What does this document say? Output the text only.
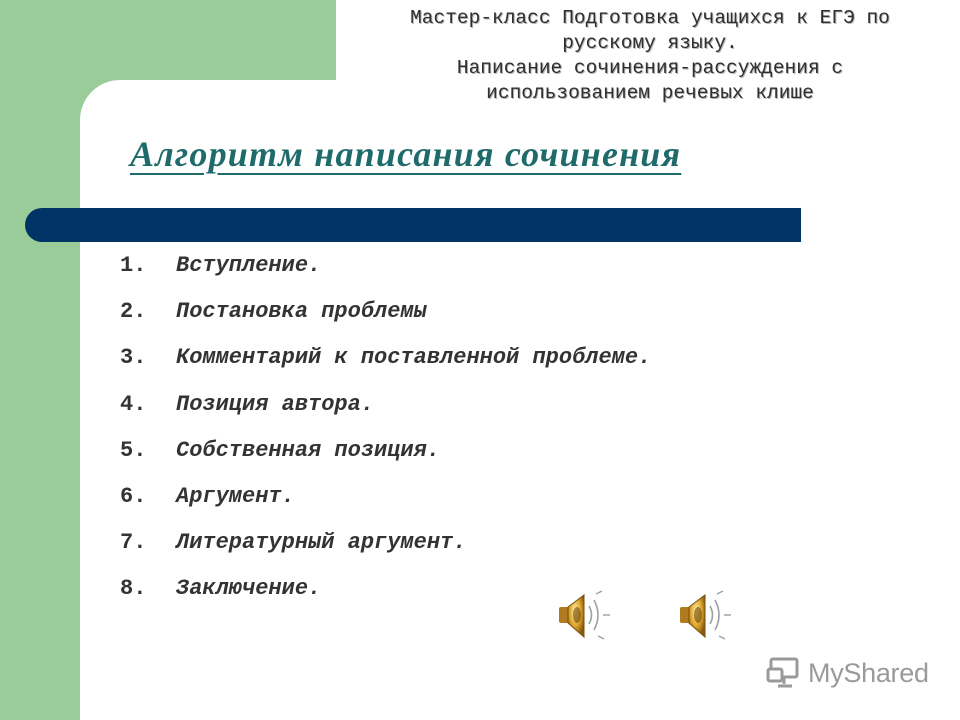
Мастер-класс Подготовка учащихся к ЕГЭ по
русскому языку.
Написание сочинения-рассуждения с
использованием речевых клише
Алгоритм написания сочинения
1. Вступление.
2. Постановка проблемы
3. Комментарий к поставленной проблеме.
4. Позиция автора.
5. Собственная позиция.
6. Аргумент.
7. Литературный аргумент.
8. Заключение.
MyShared
